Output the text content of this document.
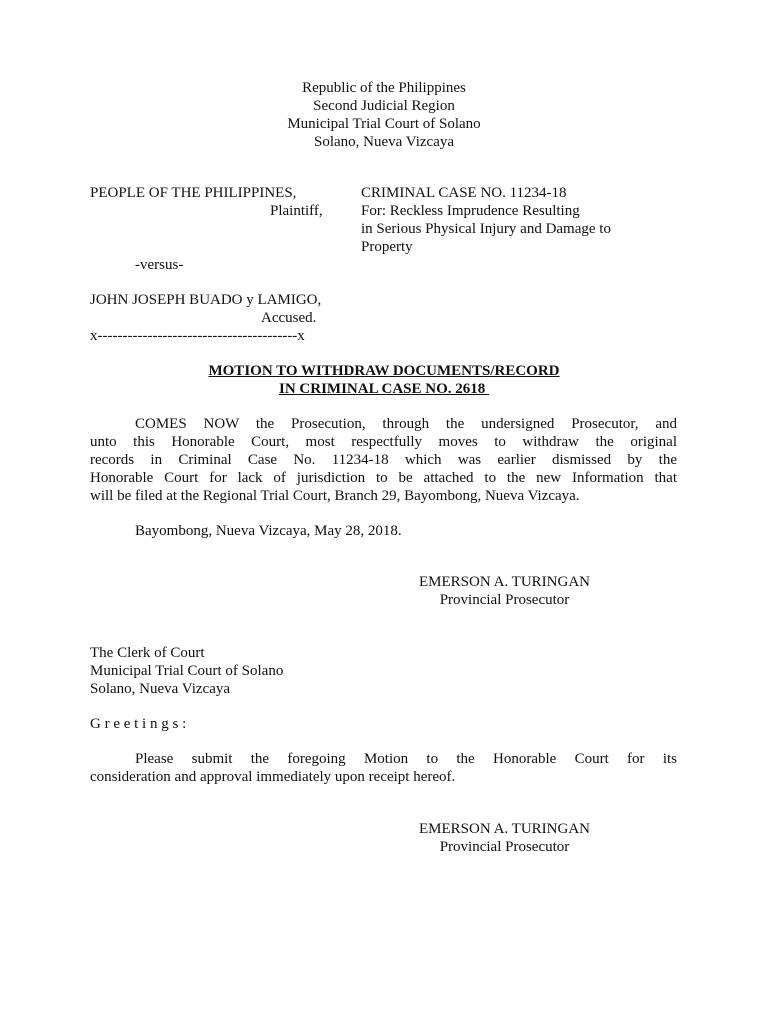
Republic of the Philippines
Second Judicial Region
Municipal Trial Court of Solano
Solano, Nueva Vizcaya
PEOPLE OF THE PHILIPPINES,
Plaintiff,
CRIMINAL CASE NO. 11234-18
For: Reckless Imprudence Resulting
in Serious Physical Injury and Damage to
Property
-versus-
JOHN JOSEPH BUADO y LAMIGO,
Accused.
x----------------------------------------x
MOTION TO WITHDRAW DOCUMENTS/RECORD
IN CRIMINAL CASE NO. 2618
COMES NOW the Prosecution, through the undersigned Prosecutor, and
unto this Honorable Court, most respectfully moves to withdraw the original
records in Criminal Case No. 11234-18 which was earlier dismissed by the
Honorable Court for lack of jurisdiction to be attached to the new Information that
will be filed at the Regional Trial Court, Branch 29, Bayombong, Nueva Vizcaya.
Bayombong, Nueva Vizcaya, May 28, 2018.
EMERSON A. TURINGAN
Provincial Prosecutor
The Clerk of Court
Municipal Trial Court of Solano
Solano, Nueva Vizcaya
G r e e t i n g s :
Please submit the foregoing Motion to the Honorable Court for its
consideration and approval immediately upon receipt hereof.
EMERSON A. TURINGAN
Provincial Prosecutor
